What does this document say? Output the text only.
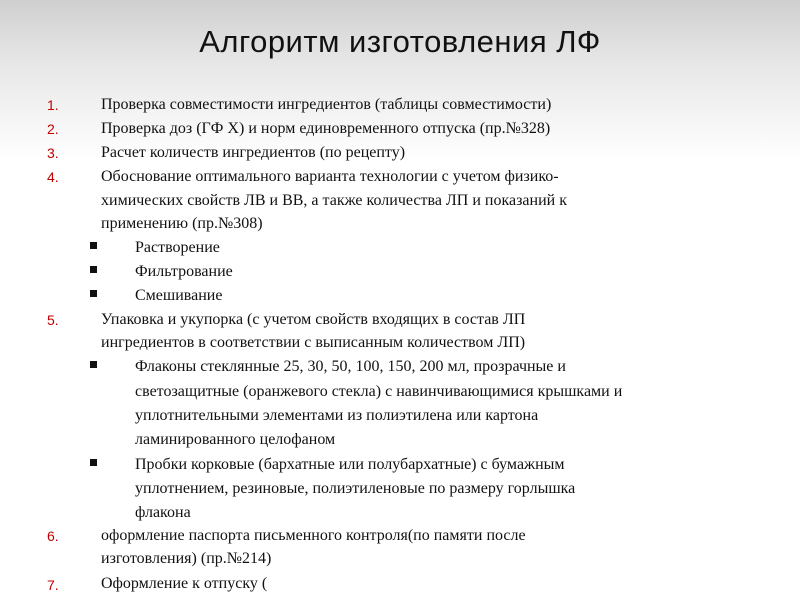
Алгоритм изготовления ЛФ
1.	Проверка совместимости ингредиентов (таблицы совместимости)
2.	Проверка доз (ГФ Х) и норм единовременного отпуска (пр.№328)
3.	Расчет количеств ингредиентов (по рецепту)
4.	Обоснование оптимального варианта технологии с учетом физико-
химических свойств ЛВ и ВВ, а также количества ЛП и показаний к
применению (пр.№308)
Растворение
Фильтрование
Смешивание
5.	Упаковка и укупорка (с учетом свойств входящих в состав ЛП
ингредиентов в соответствии с выписанным количеством ЛП)
Флаконы стеклянные 25, 30, 50, 100, 150, 200 мл, прозрачные и
светозащитные (оранжевого стекла) с навинчивающимися крышками и
уплотнительными элементами из полиэтилена или картона
ламинированного целофаном
Пробки корковые (бархатные или полубархатные) с бумажным
уплотнением, резиновые, полиэтиленовые по размеру горлышка
флакона
6.	оформление паспорта письменного контроля(по памяти после
изготовления) (пр.№214)
7.	Оформление к отпуску (
